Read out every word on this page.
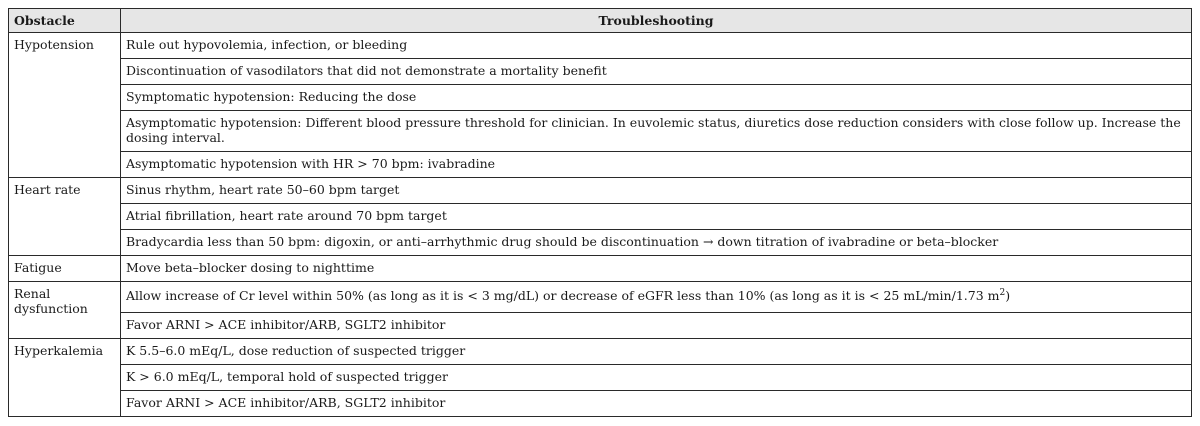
Obstacle	Troubleshooting
Hypotension	Rule out hypovolemia, infection, or bleeding
	Discontinuation of vasodilators that did not demonstrate a mortality benefit
	Symptomatic hypotension: Reducing the dose
	Asymptomatic hypotension: Different blood pressure threshold for clinician. In euvolemic status, diuretics dose reduction considers with close follow up. Increase the dosing interval.
	Asymptomatic hypotension with HR > 70 bpm: ivabradine
Heart rate	Sinus rhythm, heart rate 50–60 bpm target
	Atrial fibrillation, heart rate around 70 bpm target
	Bradycardia less than 50 bpm: digoxin, or anti–arrhythmic drug should be discontinuation → down titration of ivabradine or beta–blocker
Fatigue	Move beta–blocker dosing to nighttime
Renal dysfunction	Allow increase of Cr level within 50% (as long as it is < 3 mg/dL) or decrease of eGFR less than 10% (as long as it is < 25 mL/min/1.73 $m^2$)
	Favor ARNI > ACE inhibitor/ARB, SGLT2 inhibitor
Hyperkalemia	K 5.5–6.0 mEq/L, dose reduction of suspected trigger
	K > 6.0 mEq/L, temporal hold of suspected trigger
	Favor ARNI > ACE inhibitor/ARB, SGLT2 inhibitor
